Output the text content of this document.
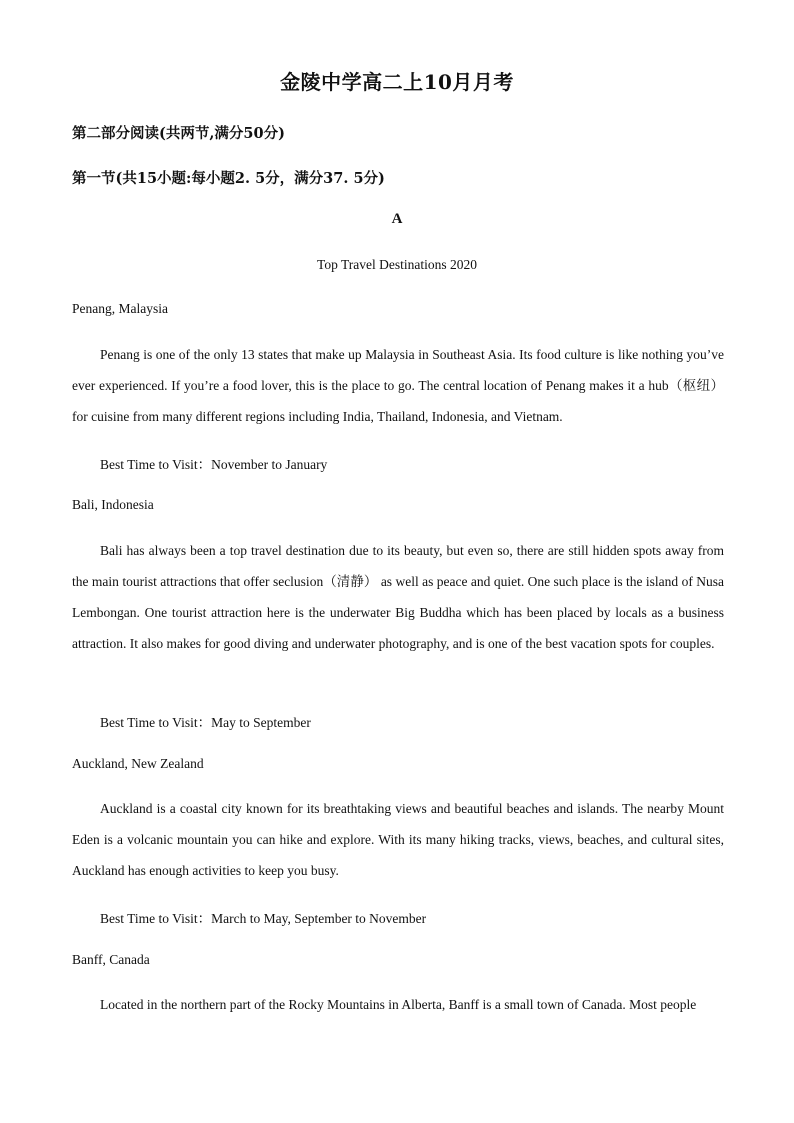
金陵中学高二上10月月考
第二部分阅读(共两节,满分50分)
第一节(共15小题:每小题2. 5分，满分37. 5分)
A
Top Travel Destinations 2020
Penang, Malaysia
Penang is one of the only 13 states that make up Malaysia in Southeast Asia. Its food culture is like nothing you’ve ever experienced. If you’re a food lover, this is the place to go. The central location of Penang makes it a hub（枢纽）for cuisine from many different regions including India, Thailand, Indonesia, and Vietnam.
Best Time to Visit：November to January
Bali, Indonesia
Bali has always been a top travel destination due to its beauty, but even so, there are still hidden spots away from the main tourist attractions that offer seclusion（清静） as well as peace and quiet. One such place is the island of Nusa Lembongan. One tourist attraction here is the underwater Big Buddha which has been placed by locals as a business attraction. It also makes for good diving and underwater photography, and is one of the best vacation spots for couples.
Best Time to Visit：May to September
Auckland, New Zealand
Auckland is a coastal city known for its breathtaking views and beautiful beaches and islands. The nearby Mount Eden is a volcanic mountain you can hike and explore. With its many hiking tracks, views, beaches, and cultural sites, Auckland has enough activities to keep you busy.
Best Time to Visit：March to May, September to November
Banff, Canada
Located in the northern part of the Rocky Mountains in Alberta, Banff is a small town of Canada. Most people
